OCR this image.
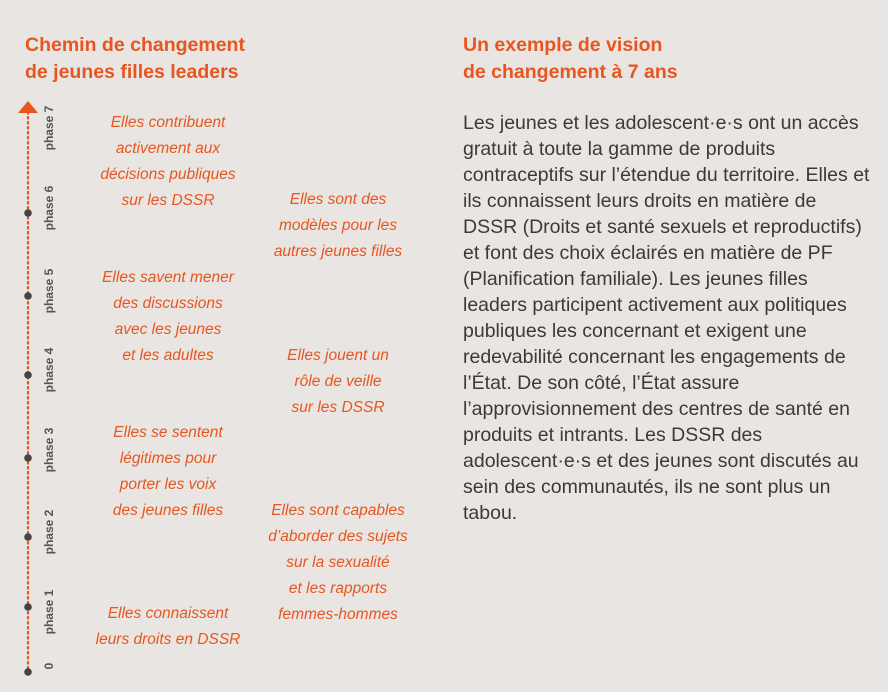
Chemin de changement
de jeunes filles leaders
Un exemple de vision
de changement à 7 ans
0
phase 1
phase 2
phase 3
phase 4
phase 5
phase 6
phase 7	Elles contribuent
activement aux
décisions publiques
sur les DSSR	Elles sont des
modèles pour les
autres jeunes filles
Elles savent mener
des discussions
avec les jeunes
et les adultes	Elles jouent un
rôle de veille
sur les DSSR
Elles se sentent
légitimes pour
porter les voix
des jeunes filles	Elles sont capables
d’aborder des sujets
sur la sexualité
et les rapports
femmes-hommes
Elles connaissent
leurs droits en DSSR

Les jeunes et les adolescent·e·s ont un accès gratuit à toute la gamme de produits contraceptifs sur l’étendue du territoire. Elles et ils connaissent leurs droits en matière de DSSR (Droits et santé sexuels et reproductifs) et font des choix éclairés en matière de PF (Planification familiale). Les jeunes filles leaders participent activement aux politiques publiques les concernant et exigent une redevabilité concernant les engagements de l’État. De son côté, l’État assure l’approvisionnement des centres de santé en produits et intrants. Les DSSR des adolescent·e·s et des jeunes sont discutés au sein des communautés, ils ne sont plus un tabou.
